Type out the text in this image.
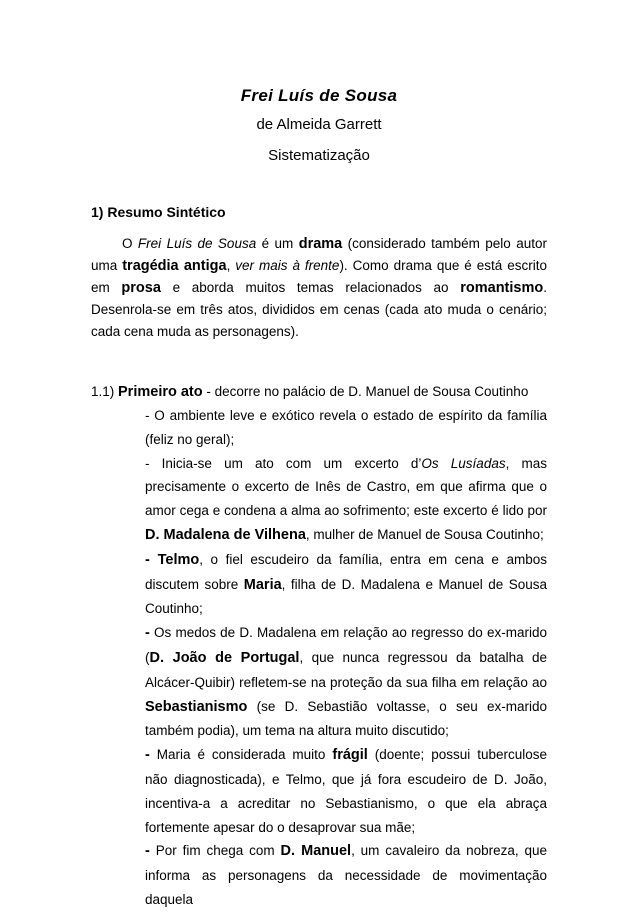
Frei Luís de Sousa
de Almeida Garrett
Sistematização
1) Resumo Sintético
O Frei Luís de Sousa é um drama (considerado também pelo autor uma tragédia antiga, ver mais à frente). Como drama que é está escrito em prosa e aborda muitos temas relacionados ao romantismo. Desenrola-se em três atos, divididos em cenas (cada ato muda o cenário; cada cena muda as personagens).
1.1) Primeiro ato - decorre no palácio de D. Manuel de Sousa Coutinho

- O ambiente leve e exótico revela o estado de espírito da família (feliz no geral);

- Inicia-se um ato com um excerto d’Os Lusíadas, mas precisamente o excerto de Inês de Castro, em que afirma que o amor cega e condena a alma ao sofrimento; este excerto é lido por D. Madalena de Vilhena, mulher de Manuel de Sousa Coutinho;

- Telmo, o fiel escudeiro da família, entra em cena e ambos discutem sobre Maria, filha de D. Madalena e Manuel de Sousa Coutinho;

- Os medos de D. Madalena em relação ao regresso do ex-marido (D. João de Portugal, que nunca regressou da batalha de Alcácer-Quibir) refletem-se na proteção da sua filha em relação ao Sebastianismo (se D. Sebastião voltasse, o seu ex-marido também podia), um tema na altura muito discutido;

- Maria é considerada muito frágil (doente; possui tuberculose não diagnosticada), e Telmo, que já fora escudeiro de D. João, incentiva-a a acreditar no Sebastianismo, o que ela abraça fortemente apesar do o desaprovar sua mãe;

- Por fim chega com D. Manuel, um cavaleiro da nobreza, que informa as personagens da necessidade de movimentação daquela
